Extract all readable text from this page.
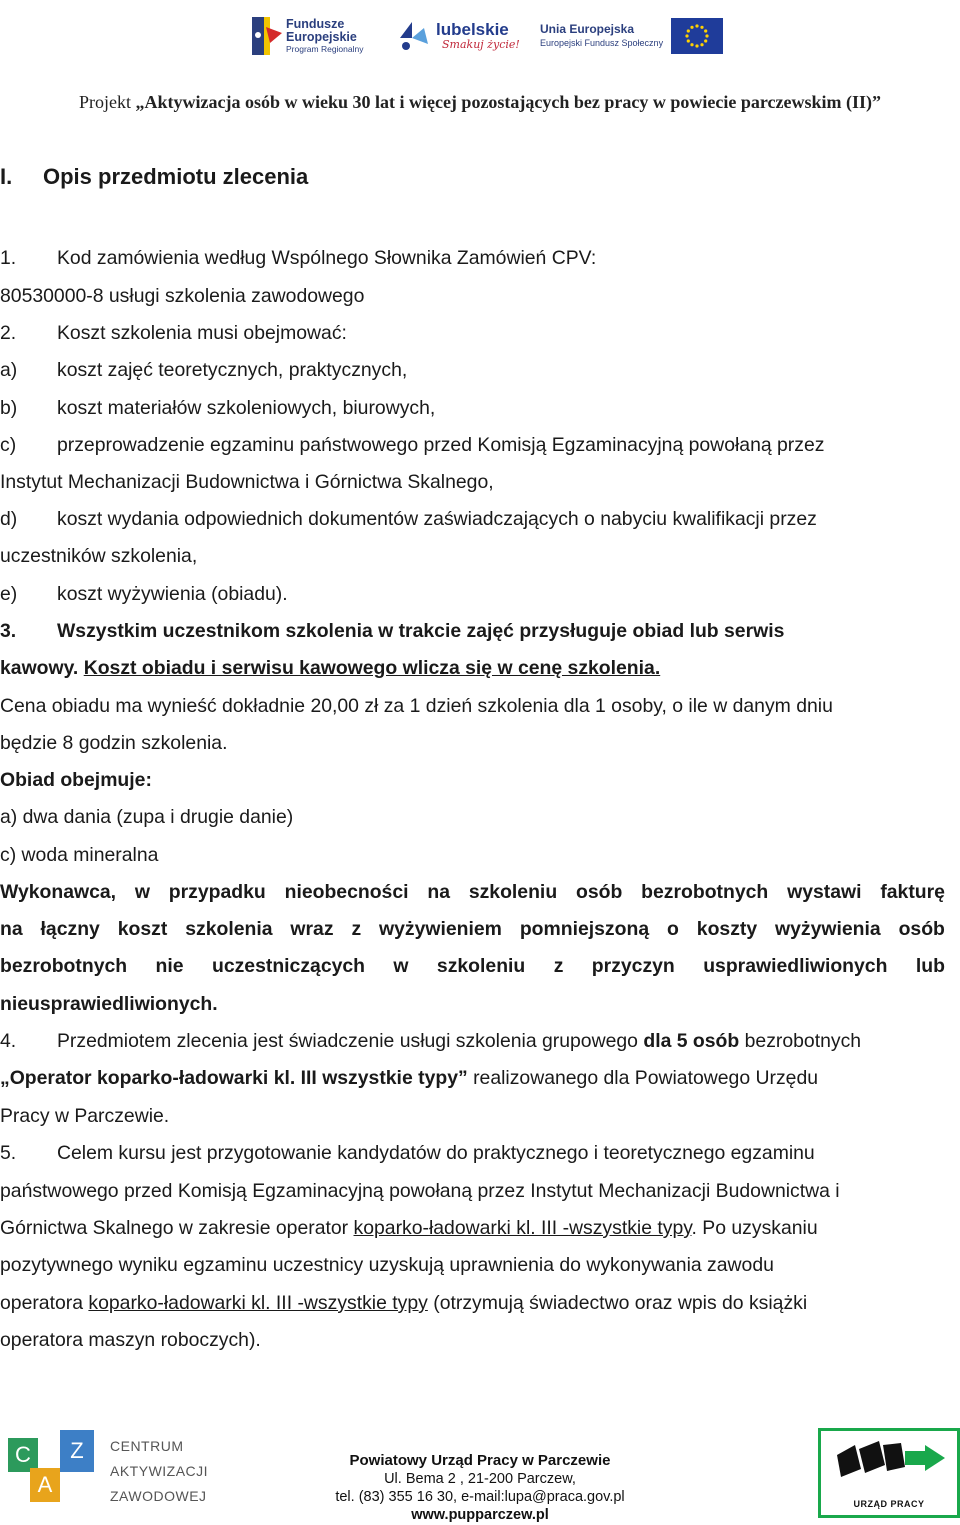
Fundusze
Europejskie
Program Regionalny
lubelskie
Smakuj życie!
Unia Europejska
Europejski Fundusz Społeczny
Projekt „Aktywizacja osób w wieku 30 lat i więcej pozostających bez pracy w powiecie parczewskim (II)”
I. Opis przedmiotu zlecenia
1. Kod zamówienia według Wspólnego Słownika Zamówień CPV:
80530000-8 usługi szkolenia zawodowego
2. Koszt szkolenia musi obejmować:
a) koszt zajęć teoretycznych, praktycznych,
b) koszt materiałów szkoleniowych, biurowych,
c) przeprowadzenie egzaminu państwowego przed Komisją Egzaminacyjną powołaną przez
Instytut Mechanizacji Budownictwa i Górnictwa Skalnego,
d) koszt wydania odpowiednich dokumentów zaświadczających o nabyciu kwalifikacji przez
uczestników szkolenia,
e) koszt wyżywienia (obiadu).
3. Wszystkim uczestnikom szkolenia w trakcie zajęć przysługuje obiad lub serwis
kawowy. Koszt obiadu i serwisu kawowego wlicza się w cenę szkolenia.
Cena obiadu ma wynieść dokładnie 20,00 zł za 1 dzień szkolenia dla 1 osoby, o ile w danym dniu
będzie 8 godzin szkolenia.
Obiad obejmuje:
a) dwa dania (zupa i drugie danie)
c) woda mineralna
Wykonawca, w przypadku nieobecności na szkoleniu osób bezrobotnych wystawi fakturę
na łączny koszt szkolenia wraz z wyżywieniem pomniejszoną o koszty wyżywienia osób
bezrobotnych nie uczestniczących w szkoleniu z przyczyn usprawiedliwionych lub
nieusprawiedliwionych.
4. Przedmiotem zlecenia jest świadczenie usługi szkolenia grupowego dla 5 osób bezrobotnych
„Operator koparko-ładowarki kl. III wszystkie typy” realizowanego dla Powiatowego Urzędu
Pracy w Parczewie.
5. Celem kursu jest przygotowanie kandydatów do praktycznego i teoretycznego egzaminu
państwowego przed Komisją Egzaminacyjną powołaną przez Instytut Mechanizacji Budownictwa i
Górnictwa Skalnego w zakresie operator koparko-ładowarki kl. III -wszystkie typy. Po uzyskaniu
pozytywnego wyniku egzaminu uczestnicy uzyskują uprawnienia do wykonywania zawodu
operatora koparko-ładowarki kl. III -wszystkie typy (otrzymują świadectwo oraz wpis do książki
operatora maszyn roboczych).
C
A
Z	CENTRUM
AKTYWIZACJI
ZAWODOWEJ
Powiatowy Urząd Pracy w Parczewie
Ul. Bema 2 , 21-200 Parczew,
tel. (83) 355 16 30, e-mail:lupa@praca.gov.pl
www.pupparczew.pl
URZĄD PRACY
